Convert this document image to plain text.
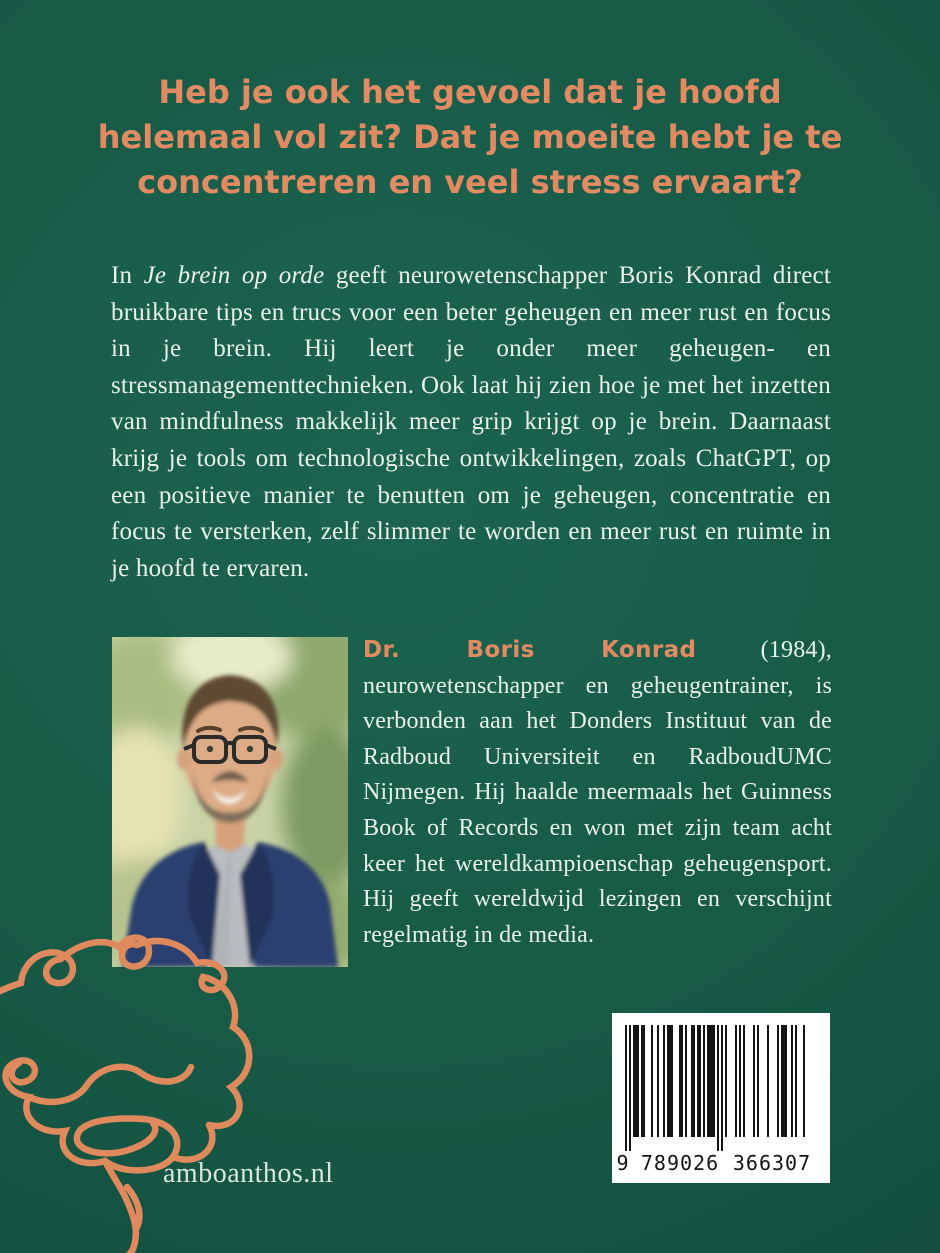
Heb je ook het gevoel dat je hoofd
helemaal vol zit? Dat je moeite hebt je te
concentreren en veel stress ervaart?

In Je brein op orde geeft neurowetenschapper Boris Konrad direct bruikbare tips en trucs voor een beter geheugen en meer rust en focus in je brein. Hij leert je onder meer geheugen- en stressmanagementtechnieken. Ook laat hij zien hoe je met het inzetten van mindfulness makkelijk meer grip krijgt op je brein. Daarnaast krijg je tools om technologische ontwikkelingen, zoals ChatGPT, op een positieve manier te benutten om je geheugen, concentratie en focus te versterken, zelf slimmer te worden en meer rust en ruimte in je hoofd te ervaren.

Dr. Boris Konrad (1984), neurowetenschapper en geheugentrainer, is verbonden aan het Donders Instituut van de Radboud Universiteit en RadboudUMC Nijmegen. Hij haalde meermaals het Guinness Book of Records en won met zijn team acht keer het wereldkampioenschap geheugensport. Hij geeft wereldwijd lezingen en verschijnt regelmatig in de media.

amboanthos.nl	9 789026 366307
